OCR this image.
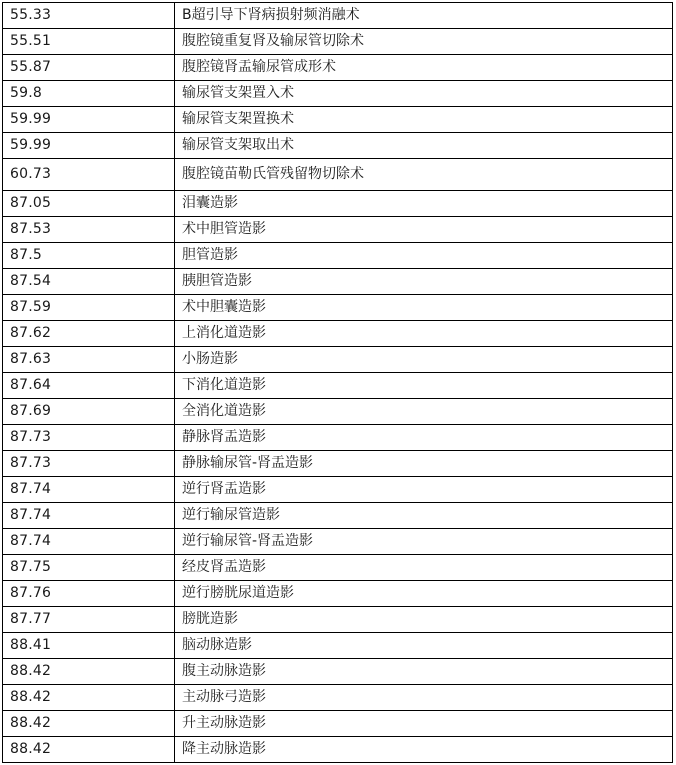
55.33	B超引导下肾病损射频消融术
55.51	腹腔镜重复肾及输尿管切除术
55.87	腹腔镜肾盂输尿管成形术
59.8	输尿管支架置入术
59.99	输尿管支架置换术
59.99	输尿管支架取出术
60.73	腹腔镜苗勒氏管残留物切除术
87.05	泪囊造影
87.53	术中胆管造影
87.5	胆管造影
87.54	胰胆管造影
87.59	术中胆囊造影
87.62	上消化道造影
87.63	小肠造影
87.64	下消化道造影
87.69	全消化道造影
87.73	静脉肾盂造影
87.73	静脉输尿管-肾盂造影
87.74	逆行肾盂造影
87.74	逆行输尿管造影
87.74	逆行输尿管-肾盂造影
87.75	经皮肾盂造影
87.76	逆行膀胱尿道造影
87.77	膀胱造影
88.41	脑动脉造影
88.42	腹主动脉造影
88.42	主动脉弓造影
88.42	升主动脉造影
88.42	降主动脉造影
